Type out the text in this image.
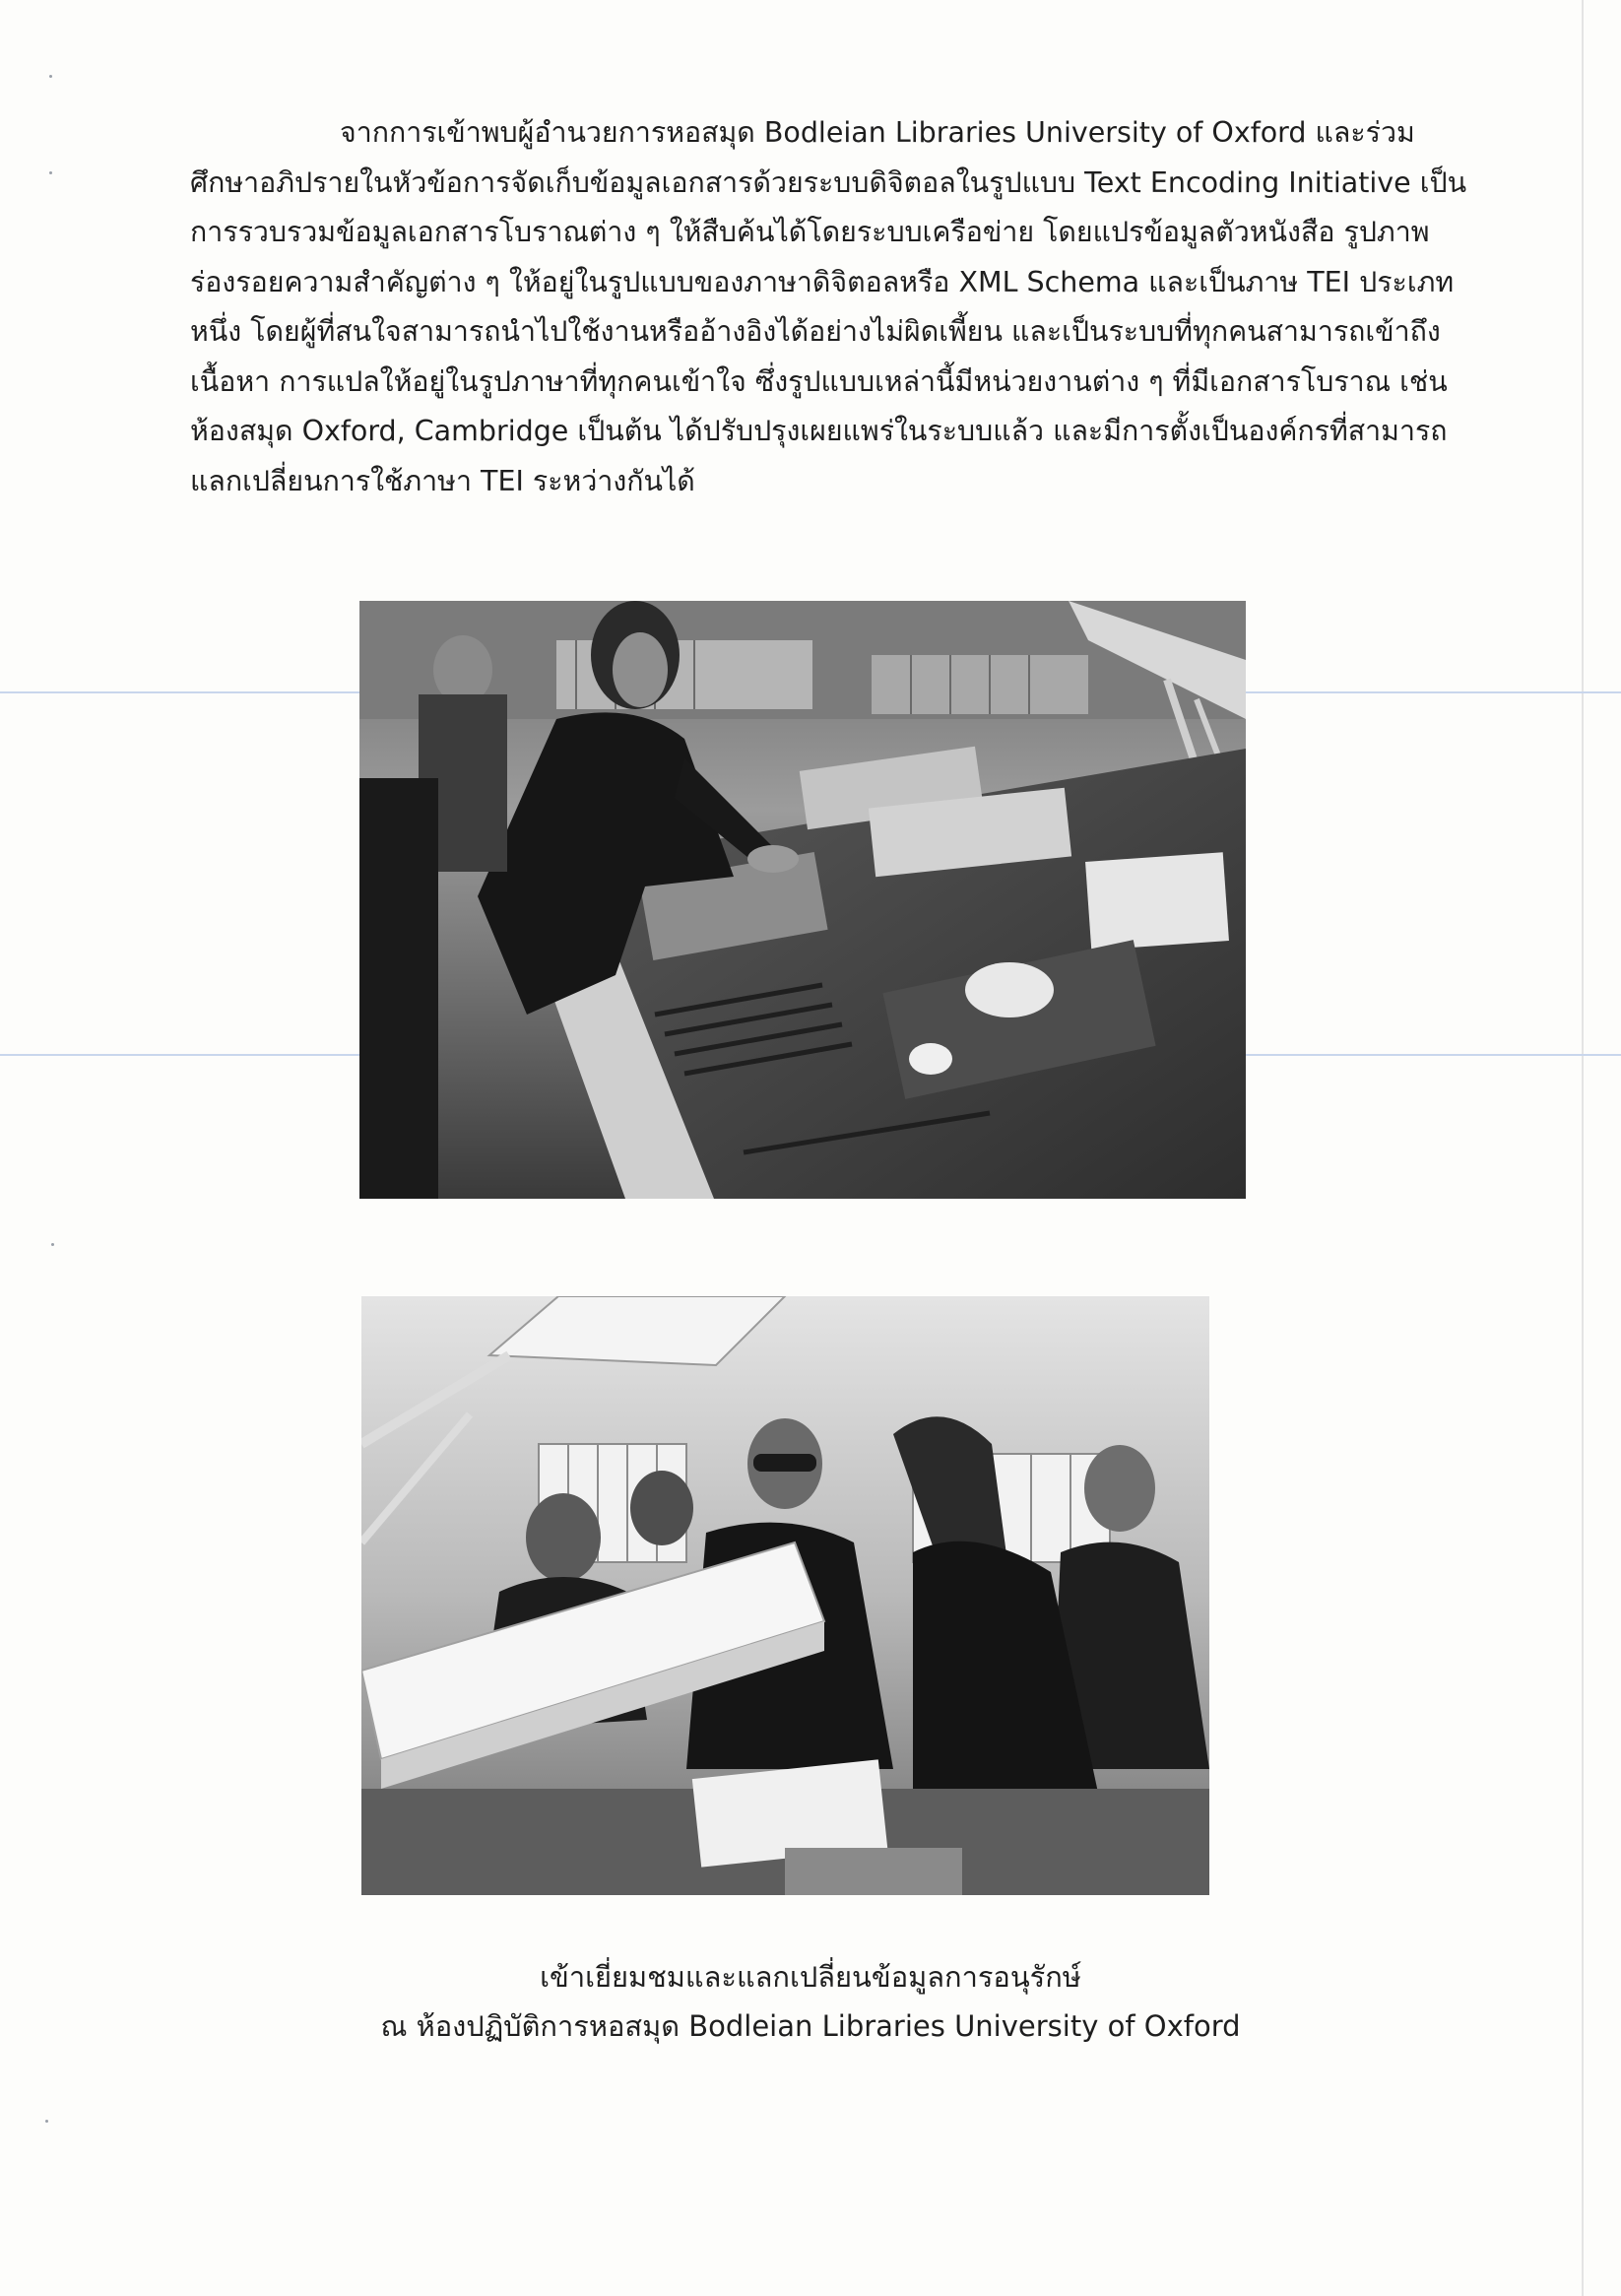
จากการเข้าพบผู้อำนวยการหอสมุด Bodleian Libraries University of Oxford และร่วม
ศึกษาอภิปรายในหัวข้อการจัดเก็บข้อมูลเอกสารด้วยระบบดิจิตอลในรูปแบบ Text Encoding Initiative เป็น
การรวบรวมข้อมูลเอกสารโบราณต่าง ๆ ให้สืบค้นได้โดยระบบเครือข่าย โดยแปรข้อมูลตัวหนังสือ รูปภาพ
ร่องรอยความสำคัญต่าง ๆ ให้อยู่ในรูปแบบของภาษาดิจิตอลหรือ XML Schema และเป็นภาษ TEI ประเภท
หนึ่ง โดยผู้ที่สนใจสามารถนำไปใช้งานหรืออ้างอิงได้อย่างไม่ผิดเพี้ยน และเป็นระบบที่ทุกคนสามารถเข้าถึง
เนื้อหา การแปลให้อยู่ในรูปภาษาที่ทุกคนเข้าใจ ซึ่งรูปแบบเหล่านี้มีหน่วยงานต่าง ๆ ที่มีเอกสารโบราณ เช่น
ห้องสมุด Oxford, Cambridge เป็นต้น ได้ปรับปรุงเผยแพร่ในระบบแล้ว และมีการตั้งเป็นองค์กรที่สามารถ
แลกเปลี่ยนการใช้ภาษา TEI ระหว่างกันได้

เข้าเยี่ยมชมและแลกเปลี่ยนข้อมูลการอนุรักษ์
ณ ห้องปฏิบัติการหอสมุด Bodleian Libraries University of Oxford
